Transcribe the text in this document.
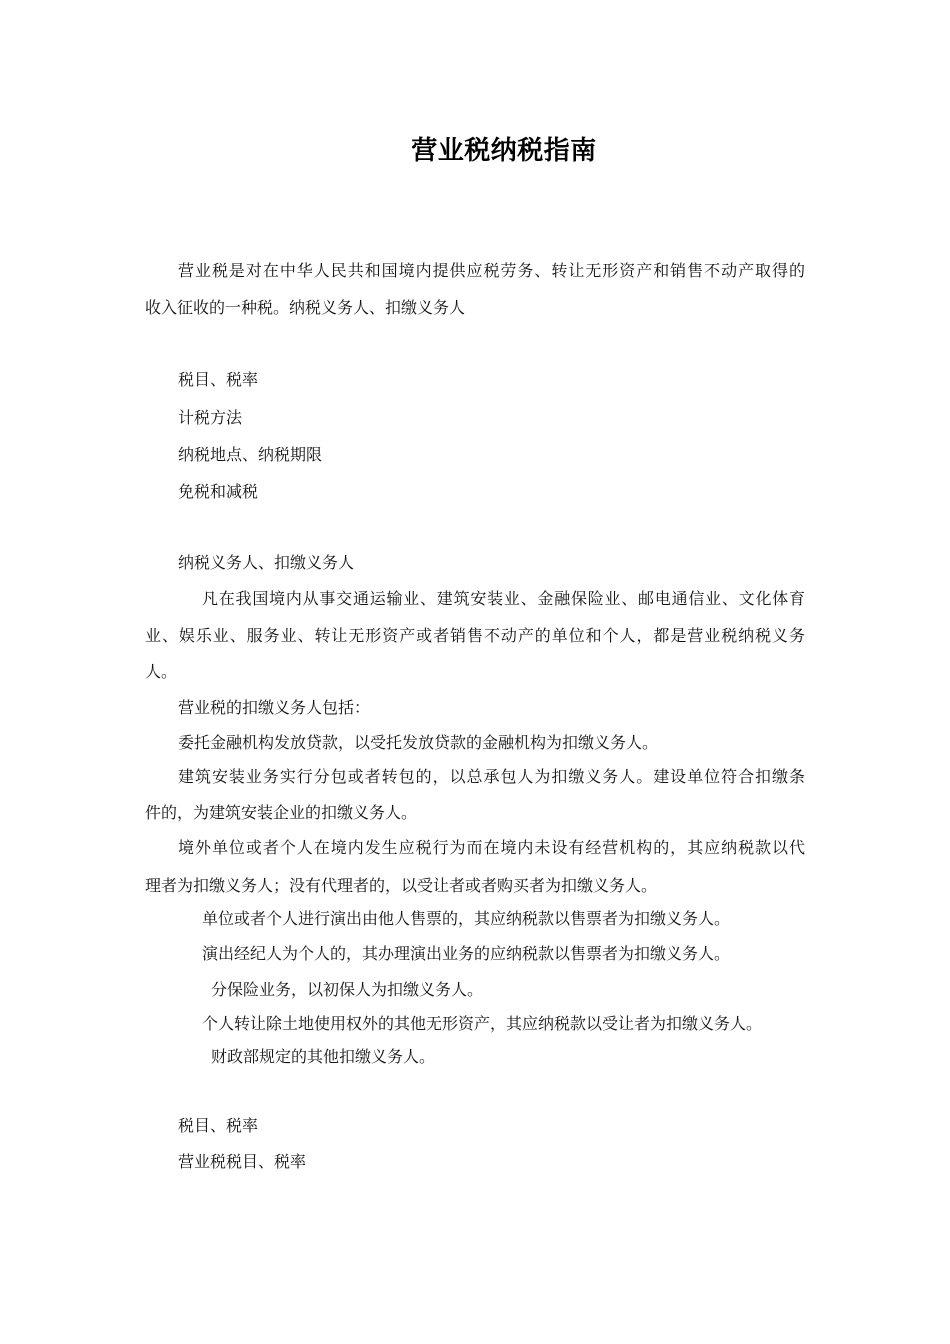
营业税纳税指南
营业税是对在中华人民共和国境内提供应税劳务、转让无形资产和销售不动产取得的
收入征收的一种税。纳税义务人、扣缴义务人
税目、税率
计税方法
纳税地点、纳税期限
免税和减税
纳税义务人、扣缴义务人
凡在我国境内从事交通运输业、建筑安装业、金融保险业、邮电通信业、文化体育
业、娱乐业、服务业、转让无形资产或者销售不动产的单位和个人，都是营业税纳税义务
人。
营业税的扣缴义务人包括：
委托金融机构发放贷款，以受托发放贷款的金融机构为扣缴义务人。
建筑安装业务实行分包或者转包的，以总承包人为扣缴义务人。建设单位符合扣缴条
件的，为建筑安装企业的扣缴义务人。
境外单位或者个人在境内发生应税行为而在境内未设有经营机构的，其应纳税款以代
理者为扣缴义务人；没有代理者的，以受让者或者购买者为扣缴义务人。
单位或者个人进行演出由他人售票的，其应纳税款以售票者为扣缴义务人。
演出经纪人为个人的，其办理演出业务的应纳税款以售票者为扣缴义务人。
分保险业务，以初保人为扣缴义务人。
个人转让除土地使用权外的其他无形资产，其应纳税款以受让者为扣缴义务人。
财政部规定的其他扣缴义务人。
税目、税率
营业税税目、税率
